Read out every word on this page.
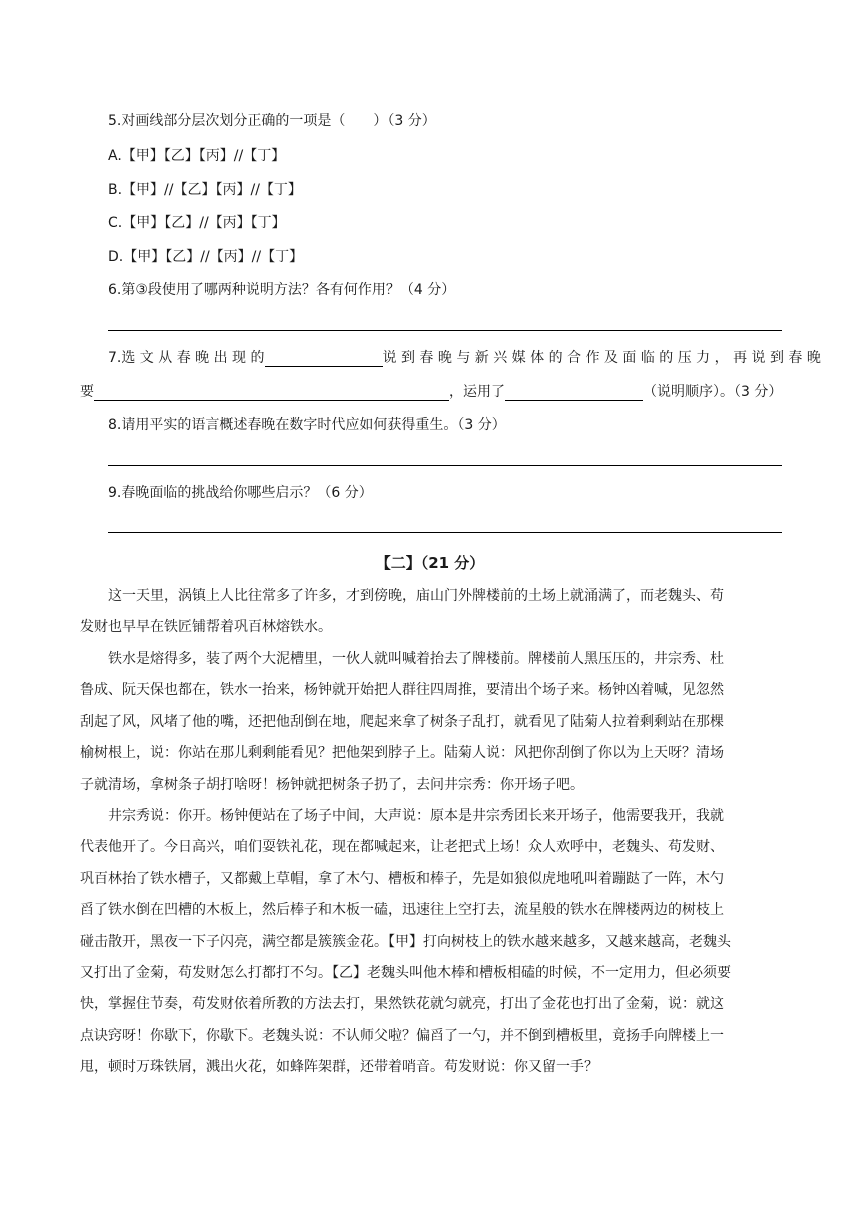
5.对画线部分层次划分正确的一项是（　　）（3 分）
A.【甲】【乙】【丙】//【丁】
B.【甲】//【乙】【丙】//【丁】
C.【甲】【乙】//【丙】【丁】
D.【甲】【乙】//【丙】//【丁】
6.第③段使用了哪两种说明方法？各有何作用？（4 分）
7.选 文 从 春 晚 出 现 的	说 到 春 晚 与 新 兴 媒 体 的 合 作 及 面 临 的 压 力 ， 再 说 到 春 晚
要	，运用了	（说明顺序）。（3 分）
8.请用平实的语言概述春晚在数字时代应如何获得重生。（3 分）
9.春晚面临的挑战给你哪些启示？（6 分）
【二】（21 分）
这一天里，涡镇上人比往常多了许多，才到傍晚，庙山门外牌楼前的土场上就涌满了，而老魏头、苟
发财也早早在铁匠铺帮着巩百林熔铁水。
铁水是熔得多，装了两个大泥槽里，一伙人就叫喊着抬去了牌楼前。牌楼前人黑压压的，井宗秀、杜
鲁成、阮天保也都在，铁水一抬来，杨钟就开始把人群往四周推，要清出个场子来。杨钟凶着喊，见忽然
刮起了风，风堵了他的嘴，还把他刮倒在地，爬起来拿了树条子乱打，就看见了陆菊人拉着剩剩站在那棵
榆树根上，说：你站在那儿剩剩能看见？把他架到脖子上。陆菊人说：风把你刮倒了你以为上天呀？清场
子就清场，拿树条子胡打啥呀！杨钟就把树条子扔了，去问井宗秀：你开场子吧。
井宗秀说：你开。杨钟便站在了场子中间，大声说：原本是井宗秀团长来开场子，他需要我开，我就
代表他开了。今日高兴，咱们耍铁礼花，现在都喊起来，让老把式上场！众人欢呼中，老魏头、苟发财、
巩百林抬了铁水槽子，又都戴上草帽，拿了木勺、槽板和棒子，先是如狼似虎地吼叫着蹦跶了一阵，木勺
舀了铁水倒在凹槽的木板上，然后棒子和木板一磕，迅速往上空打去，流星般的铁水在牌楼两边的树枝上
碰击散开，黑夜一下子闪亮，满空都是簇簇金花。【甲】打向树枝上的铁水越来越多，又越来越高，老魏头
又打出了金菊，苟发财怎么打都打不匀。【乙】老魏头叫他木棒和槽板相磕的时候，不一定用力，但必须要
快，掌握住节奏，苟发财依着所教的方法去打，果然铁花就匀就亮，打出了金花也打出了金菊，说：就这
点诀窍呀！你歇下，你歇下。老魏头说：不认师父啦？偏舀了一勺，并不倒到槽板里，竟扬手向牌楼上一
甩，顿时万珠铁屑，溅出火花，如蜂阵架群，还带着哨音。苟发财说：你又留一手？
